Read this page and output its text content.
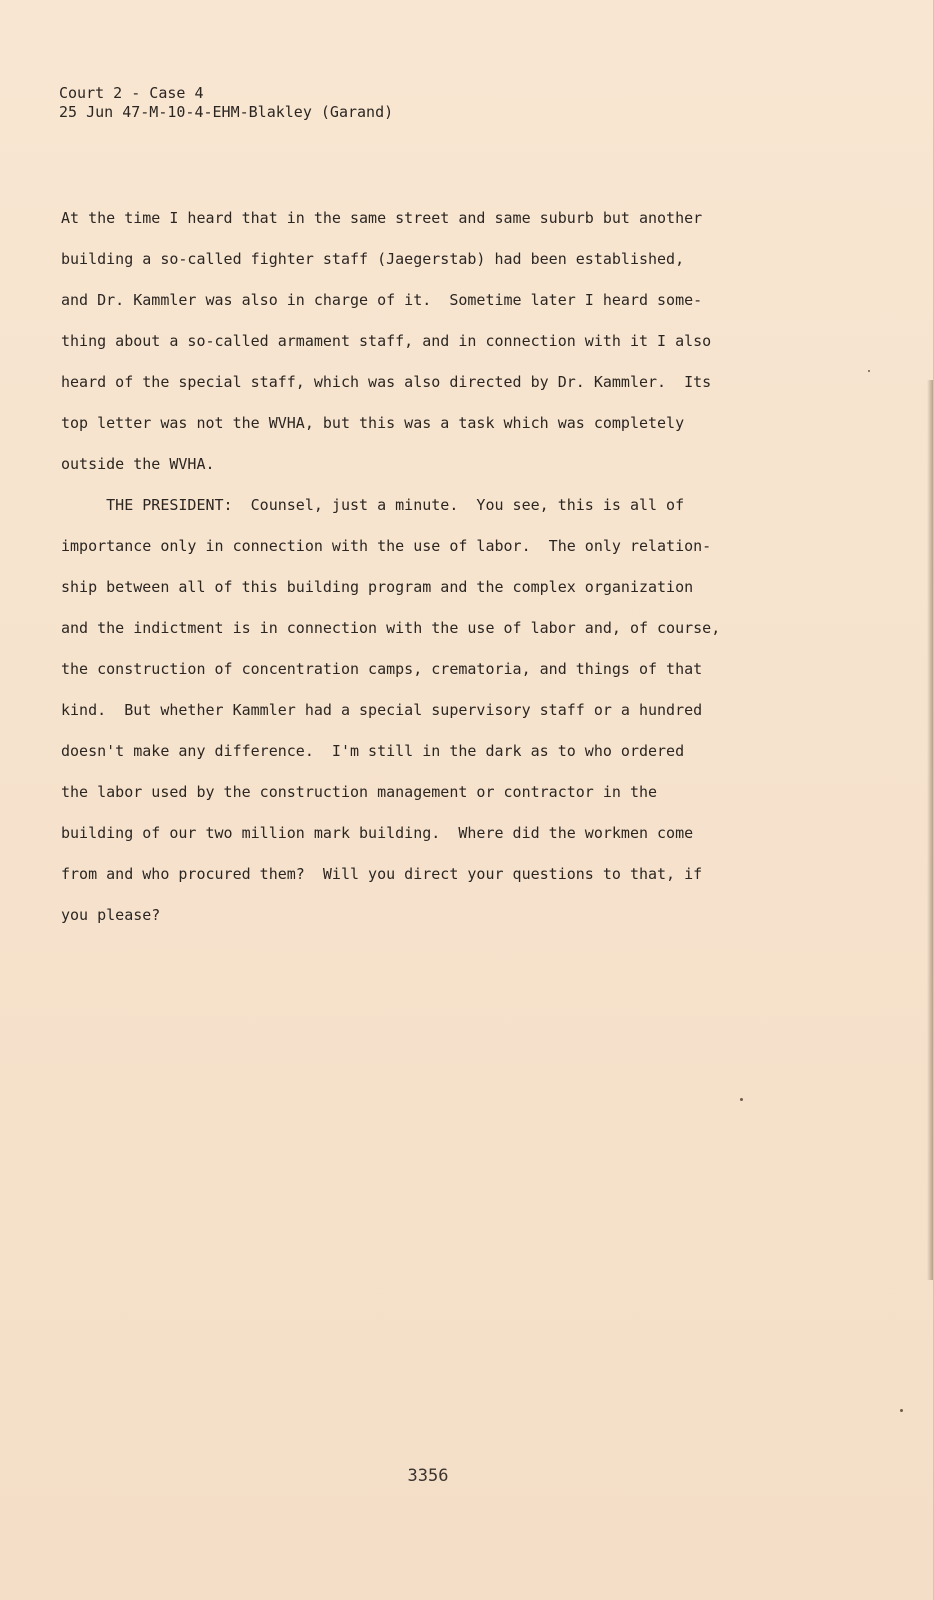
Court 2 - Case 4
25 Jun 47-M-10-4-EHM-Blakley (Garand)
At the time I heard that in the same street and same suburb but another
building a so-called fighter staff (Jaegerstab) had been established,
and Dr. Kammler was also in charge of it.  Sometime later I heard some-
thing about a so-called armament staff, and in connection with it I also
heard of the special staff, which was also directed by Dr. Kammler.  Its
top letter was not the WVHA, but this was a task which was completely
outside the WVHA.
THE PRESIDENT:  Counsel, just a minute.  You see, this is all of
importance only in connection with the use of labor.  The only relation-
ship between all of this building program and the complex organization
and the indictment is in connection with the use of labor and, of course,
the construction of concentration camps, crematoria, and things of that
kind.  But whether Kammler had a special supervisory staff or a hundred
doesn't make any difference.  I'm still in the dark as to who ordered
the labor used by the construction management or contractor in the
building of our two million mark building.  Where did the workmen come
from and who procured them?  Will you direct your questions to that, if
you please?
3356
